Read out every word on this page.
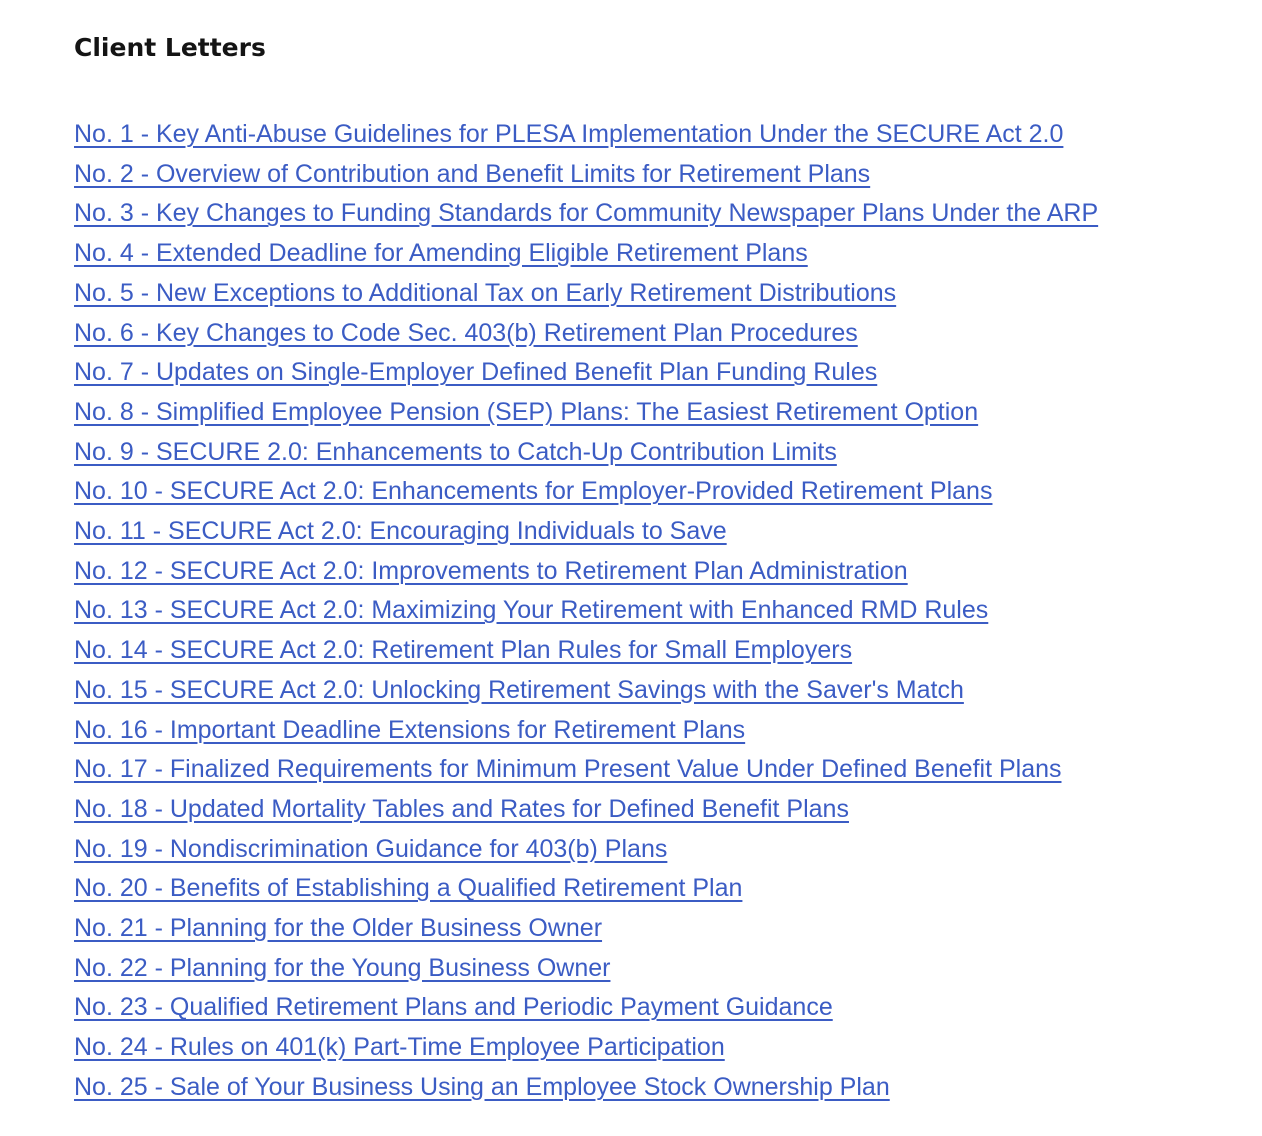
Client Letters
No. 1 - Key Anti-Abuse Guidelines for PLESA Implementation Under the SECURE Act 2.0
No. 2 - Overview of Contribution and Benefit Limits for Retirement Plans
No. 3 - Key Changes to Funding Standards for Community Newspaper Plans Under the ARP
No. 4 - Extended Deadline for Amending Eligible Retirement Plans
No. 5 - New Exceptions to Additional Tax on Early Retirement Distributions
No. 6 - Key Changes to Code Sec. 403(b) Retirement Plan Procedures
No. 7 - Updates on Single-Employer Defined Benefit Plan Funding Rules
No. 8 - Simplified Employee Pension (SEP) Plans: The Easiest Retirement Option
No. 9 - SECURE 2.0: Enhancements to Catch-Up Contribution Limits
No. 10 - SECURE Act 2.0: Enhancements for Employer-Provided Retirement Plans
No. 11 - SECURE Act 2.0: Encouraging Individuals to Save
No. 12 - SECURE Act 2.0: Improvements to Retirement Plan Administration
No. 13 - SECURE Act 2.0: Maximizing Your Retirement with Enhanced RMD Rules
No. 14 - SECURE Act 2.0: Retirement Plan Rules for Small Employers
No. 15 - SECURE Act 2.0: Unlocking Retirement Savings with the Saver's Match
No. 16 - Important Deadline Extensions for Retirement Plans
No. 17 - Finalized Requirements for Minimum Present Value Under Defined Benefit Plans
No. 18 - Updated Mortality Tables and Rates for Defined Benefit Plans
No. 19 - Nondiscrimination Guidance for 403(b) Plans
No. 20 - Benefits of Establishing a Qualified Retirement Plan
No. 21 - Planning for the Older Business Owner
No. 22 - Planning for the Young Business Owner
No. 23 - Qualified Retirement Plans and Periodic Payment Guidance
No. 24 - Rules on 401(k) Part-Time Employee Participation
No. 25 - Sale of Your Business Using an Employee Stock Ownership Plan
